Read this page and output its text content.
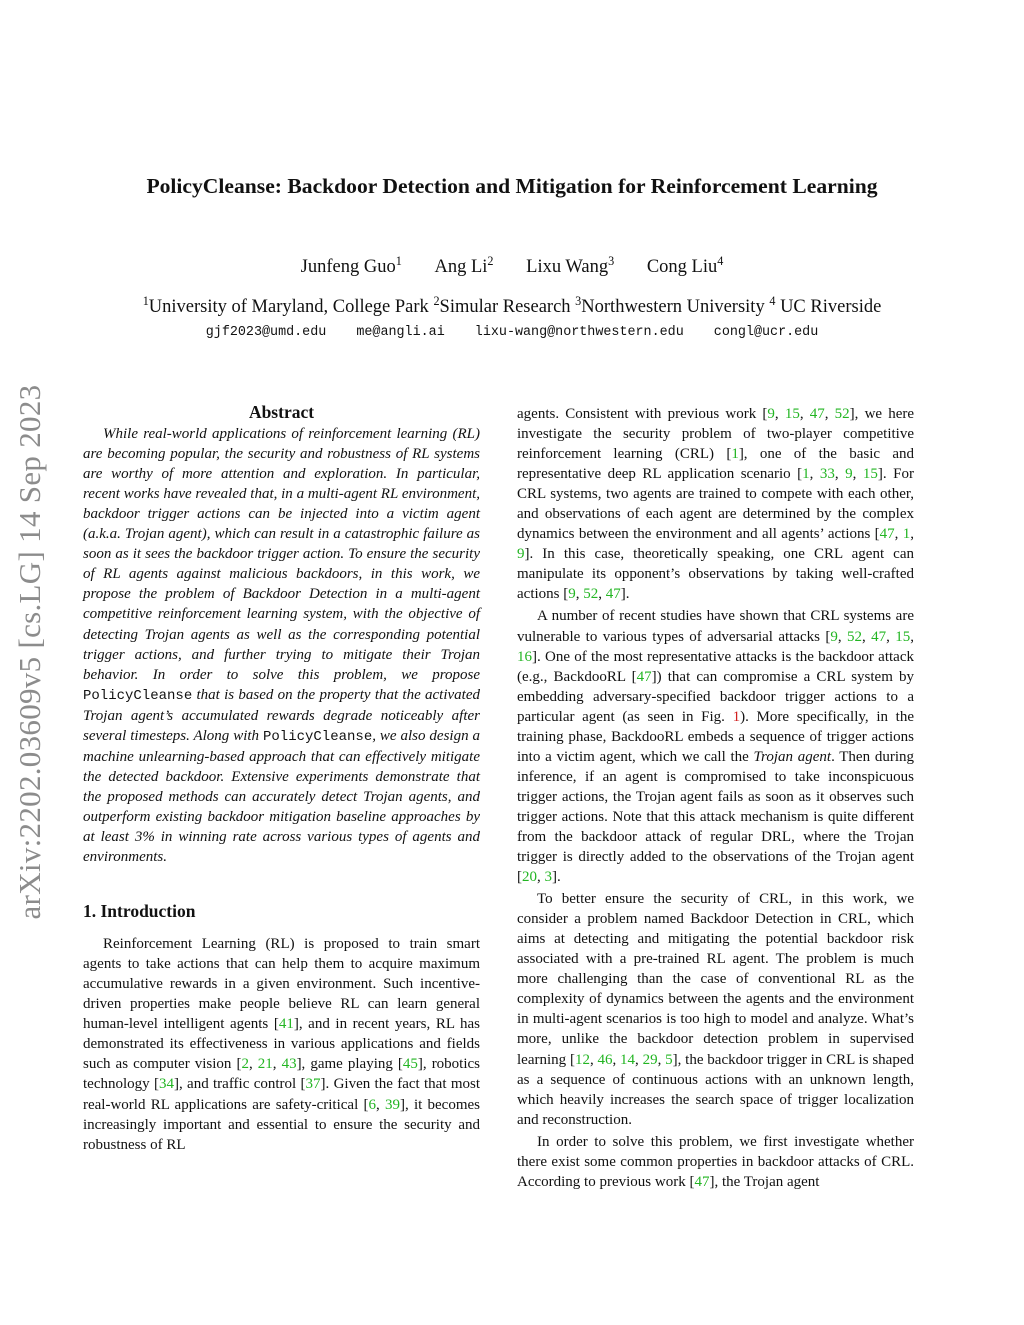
arXiv:2202.03609v5 [cs.LG] 14 Sep 2023
PolicyCleanse: Backdoor Detection and Mitigation for Reinforcement Learning
Junfeng Guo$^1$ Ang Li$^2$ Lixu Wang$^3$ Cong Liu$^4$
$^1$University of Maryland, College Park $^2$Simular Research $^3$Northwestern University $^4$ UC Riverside
gjf2023@umd.edu me@angli.ai lixu-wang@northwestern.edu congl@ucr.edu

Abstract

While real-world applications of reinforcement learning (RL) are becoming popular, the security and robustness of RL systems are worthy of more attention and exploration. In particular, recent works have revealed that, in a multi-agent RL environment, backdoor trigger actions can be injected into a victim agent (a.k.a. Trojan agent), which can result in a catastrophic failure as soon as it sees the backdoor trigger action. To ensure the security of RL agents against malicious backdoors, in this work, we propose the problem of Backdoor Detection in a multi-agent competitive reinforcement learning system, with the objective of detecting Trojan agents as well as the corresponding potential trigger actions, and further trying to mitigate their Trojan behavior. In order to solve this problem, we propose PolicyCleanse that is based on the property that the activated Trojan agent’s accumulated rewards degrade noticeably after several timesteps. Along with PolicyCleanse, we also design a machine unlearning-based approach that can effectively mitigate the detected backdoor. Extensive experiments demonstrate that the proposed methods can accurately detect Trojan agents, and outperform existing backdoor mitigation baseline approaches by at least 3% in winning rate across various types of agents and environments.

1. Introduction

Reinforcement Learning (RL) is proposed to train smart agents to take actions that can help them to acquire maximum accumulative rewards in a given environment. Such incentive-driven properties make people believe RL can learn general human-level intelligent agents [41], and in recent years, RL has demonstrated its effectiveness in various applications and fields such as computer vision [2, 21, 43], game playing [45], robotics technology [34], and traffic control [37]. Given the fact that most real-world RL applications are safety-critical [6, 39], it becomes increasingly important and essential to ensure the security and robustness of RL

agents. Consistent with previous work [9, 15, 47, 52], we here investigate the security problem of two-player competitive reinforcement learning (CRL) [1], one of the basic and representative deep RL application scenario [1, 33, 9, 15]. For CRL systems, two agents are trained to compete with each other, and observations of each agent are determined by the complex dynamics between the environment and all agents’ actions [47, 1, 9]. In this case, theoretically speaking, one CRL agent can manipulate its opponent’s observations by taking well-crafted actions [9, 52, 47].

A number of recent studies have shown that CRL systems are vulnerable to various types of adversarial attacks [9, 52, 47, 15, 16]. One of the most representative attacks is the backdoor attack (e.g., BackdooRL [47]) that can compromise a CRL system by embedding adversary-specified backdoor trigger actions to a particular agent (as seen in Fig. 1). More specifically, in the training phase, BackdooRL embeds a sequence of trigger actions into a victim agent, which we call the Trojan agent. Then during inference, if an agent is compromised to take inconspicuous trigger actions, the Trojan agent fails as soon as it observes such trigger actions. Note that this attack mechanism is quite different from the backdoor attack of regular DRL, where the Trojan trigger is directly added to the observations of the Trojan agent [20, 3].

To better ensure the security of CRL, in this work, we consider a problem named Backdoor Detection in CRL, which aims at detecting and mitigating the potential backdoor risk associated with a pre-trained RL agent. The problem is much more challenging than the case of conventional RL as the complexity of dynamics between the agents and the environment in multi-agent scenarios is too high to model and analyze. What’s more, unlike the backdoor detection problem in supervised learning [12, 46, 14, 29, 5], the backdoor trigger in CRL is shaped as a sequence of continuous actions with an unknown length, which heavily increases the search space of trigger localization and reconstruction.

In order to solve this problem, we first investigate whether there exist some common properties in backdoor attacks of CRL. According to previous work [47], the Trojan agent
